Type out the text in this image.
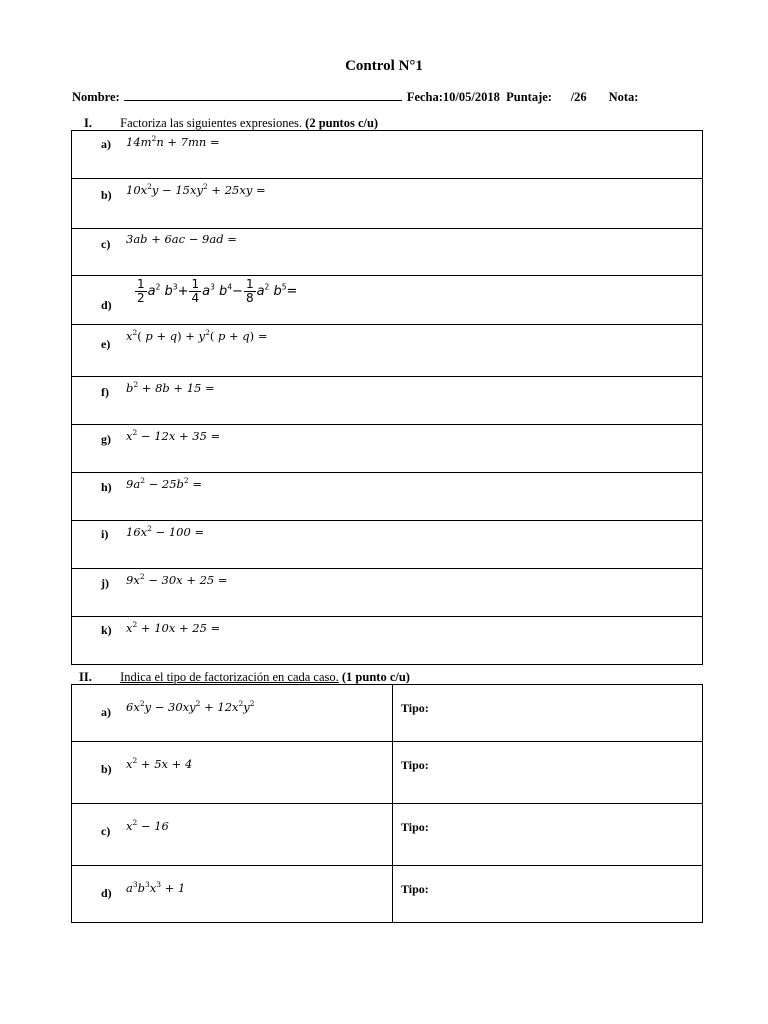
Control N°1
Nombre:	Fecha:10/05/2018 Puntaje: /26 Nota:
I. Factoriza las siguientes expresiones. (2 puntos c/u)
a) $14m^2n + 7mn$ =

b) $10x^2y - 15xy^2 + 25xy$ =

c) 3ab + 6ac − 9ad =

$d) \frac{1}{2} a^2$ $b^3+ \frac{1}{4} a^3$ $b^4- \frac{1}{8} a^2$ $b^5=$

e)
$x^2$( $p + q) + y^2$( p + q) =

f) $b^2 + 8b + 15$ =

g) $x^2 - 12x + 35$ =

h) $9a^2 - 25b^2$ =

i) $16x^2 - 100$ =

j) $9x^2 - 30x + 25$ =

k) $x^2 + 10x + 25$ =
II. Indica el tipo de factorización en cada caso. (1 punto c/u)
a) $6x^2y - 30xy^2 + 12x^2y^2$	Tipo:

b) $x^2 + 5x + 4$	Tipo:

c) $x^2 - 16$	Tipo:

d) $a^3b^3x^3 + 1$	Tipo:
